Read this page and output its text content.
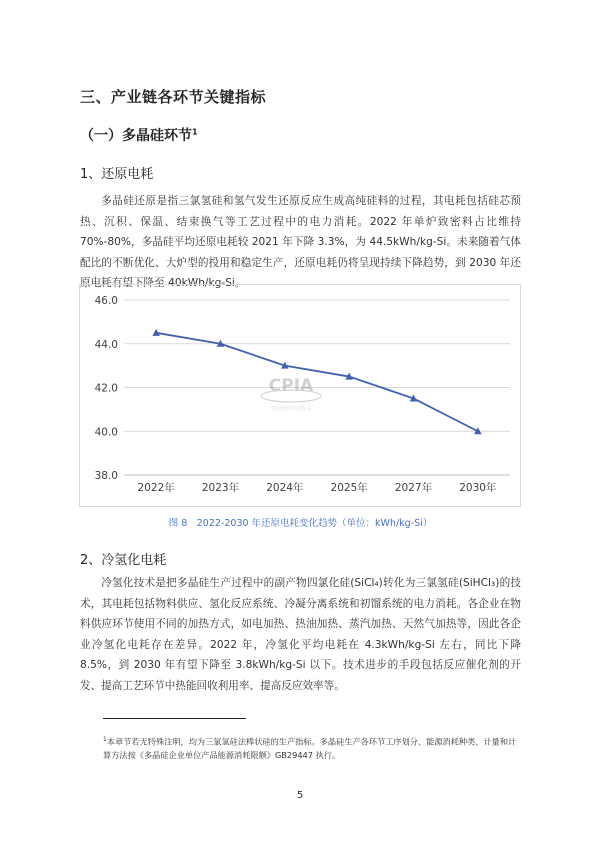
三、产业链各环节关键指标
（一）多晶硅环节$^1$
1、还原电耗
多晶硅还原是指三氯氢硅和氢气发生还原反应生成高纯硅料的过程，其电耗包括硅芯预热、沉积、保温、结束换气等工艺过程中的电力消耗。2022 年单炉致密料占比维持 70%-80%，多晶硅平均还原电耗较 2021 年下降 3.3%，为 44.5kWh/kg-Si。未来随着气体配比的不断优化、大炉型的投用和稳定生产，还原电耗仍将呈现持续下降趋势，到 2030 年还原电耗有望下降至 40kWh/kg-Si。
38.0
40.0
42.0
44.0
46.0
2022年	2023年	2024年	2025年	2027年	2030年
CPIA
中国光伏行业协会
图 8　2022-2030 年还原电耗变化趋势（单位：kWh/kg-Si）
2、冷氢化电耗
冷氢化技术是把多晶硅生产过程中的副产物四氯化硅(SiCl₄)转化为三氯氢硅(SiHCl₃)的技术，其电耗包括物料供应、氢化反应系统、冷凝分离系统和初馏系统的电力消耗。各企业在物料供应环节使用不同的加热方式，如电加热、热油加热、蒸汽加热、天然气加热等，因此各企业冷氢化电耗存在差异。2022 年，冷氢化平均电耗在 4.3kWh/kg-Si 左右，同比下降 8.5%，到 2030 年有望下降至 3.8kWh/kg-Si 以下。技术进步的手段包括反应催化剂的开发、提高工艺环节中热能回收利用率、提高反应效率等。
$^1$本章节若无特殊注明，均为三氯氢硅法棒状硅的生产指标。多晶硅生产各环节工序划分、能源消耗种类、计量和计算方法按《多晶硅企业单位产品能源消耗限额》GB29447 执行。
5
